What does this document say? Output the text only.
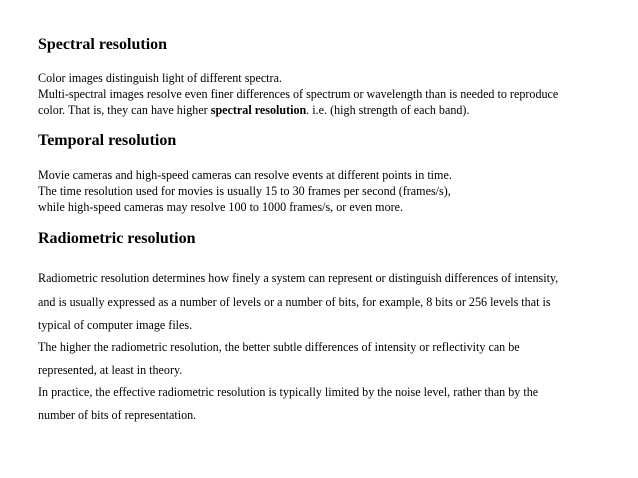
Spectral resolution
Color images distinguish light of different spectra.
Multi-spectral images resolve even finer differences of spectrum or wavelength than is needed to reproduce
color. That is, they can have higher spectral resolution. i.e. (high strength of each band).
Temporal resolution
Movie cameras and high-speed cameras can resolve events at different points in time.
The time resolution used for movies is usually 15 to 30 frames per second (frames/s),
while high-speed cameras may resolve 100 to 1000 frames/s, or even more.
Radiometric resolution
Radiometric resolution determines how finely a system can represent or distinguish differences of intensity,
and is usually expressed as a number of levels or a number of bits, for example, 8 bits or 256 levels that is
typical of computer image files.
The higher the radiometric resolution, the better subtle differences of intensity or reflectivity can be
represented, at least in theory.
In practice, the effective radiometric resolution is typically limited by the noise level, rather than by the
number of bits of representation.
